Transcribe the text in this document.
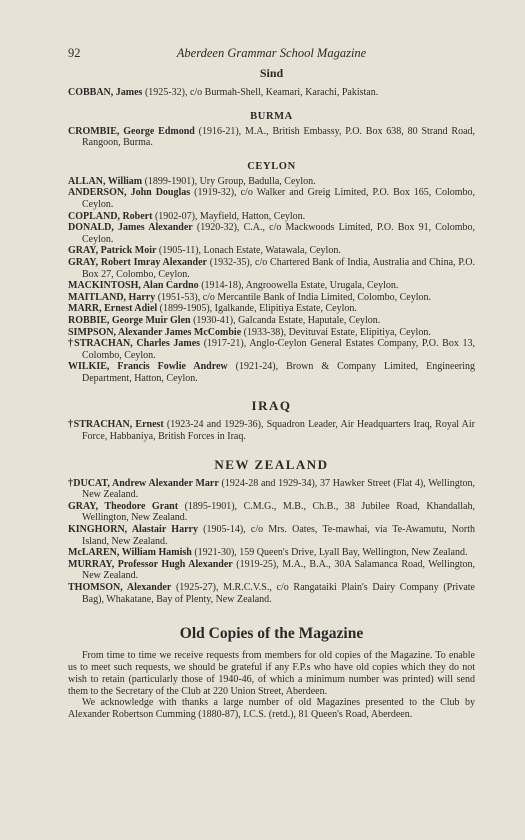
92	Aberdeen Grammar School Magazine
Sind

COBBAN, James (1925-32), c/o Burmah-Shell, Keamari, Karachi, Pakistan.

BURMA

CROMBIE, George Edmond (1916-21), M.A., British Embassy, P.O. Box 638, 80 Strand Road, Rangoon, Burma.

CEYLON

ALLAN, William (1899-1901), Ury Group, Badulla, Ceylon.

ANDERSON, John Douglas (1919-32), c/o Walker and Greig Limited, P.O. Box 165, Colombo, Ceylon.

COPLAND, Robert (1902-07), Mayfield, Hatton, Ceylon.

DONALD, James Alexander (1920-32), C.A., c/o Mackwoods Limited, P.O. Box 91, Colombo, Ceylon.

GRAY, Patrick Moir (1905-11), Lonach Estate, Watawala, Ceylon.

GRAY, Robert Imray Alexander (1932-35), c/o Chartered Bank of India, Australia and China, P.O. Box 27, Colombo, Ceylon.

MACKINTOSH, Alan Cardno (1914-18), Angroowella Estate, Urugala, Ceylon.

MAITLAND, Harry (1951-53), c/o Mercantile Bank of India Limited, Colombo, Ceylon.

MARR, Ernest Adiel (1899-1905), Igalkande, Elipitiya Estate, Ceylon.

ROBBIE, George Muir Glen (1930-41), Galcanda Estate, Haputale, Ceylon.

SIMPSON, Alexander James McCombie (1933-38), Devituvai Estate, Elipitiya, Ceylon.

†STRACHAN, Charles James (1917-21), Anglo-Ceylon General Estates Company, P.O. Box 13, Colombo, Ceylon.

WILKIE, Francis Fowlie Andrew (1921-24), Brown & Company Limited, Engineering Department, Hatton, Ceylon.

IRAQ

†STRACHAN, Ernest (1923-24 and 1929-36), Squadron Leader, Air Headquarters Iraq, Royal Air Force, Habbaniya, British Forces in Iraq.

NEW ZEALAND

†DUCAT, Andrew Alexander Marr (1924-28 and 1929-34), 37 Hawker Street (Flat 4), Wellington, New Zealand.

GRAY, Theodore Grant (1895-1901), C.M.G., M.B., Ch.B., 38 Jubilee Road, Khandallah, Wellington, New Zealand.

KINGHORN, Alastair Harry (1905-14), c/o Mrs. Oates, Te-mawhai, via Te-Awamutu, North Island, New Zealand.

McLAREN, William Hamish (1921-30), 159 Queen's Drive, Lyall Bay, Wellington, New Zealand.

MURRAY, Professor Hugh Alexander (1919-25), M.A., B.A., 30A Salamanca Road, Wellington, New Zealand.

THOMSON, Alexander (1925-27), M.R.C.V.S., c/o Rangataiki Plain's Dairy Company (Private Bag), Whakatane, Bay of Plenty, New Zealand.

Old Copies of the Magazine

From time to time we receive requests from members for old copies of the Magazine. To enable us to meet such requests, we should be grateful if any F.P.s who have old copies which they do not wish to retain (particularly those of 1940-46, of which a minimum number was printed) will send them to the Secretary of the Club at 220 Union Street, Aberdeen.

We acknowledge with thanks a large number of old Magazines presented to the Club by Alexander Robertson Cumming (1880-87), I.C.S. (retd.), 81 Queen's Road, Aberdeen.
